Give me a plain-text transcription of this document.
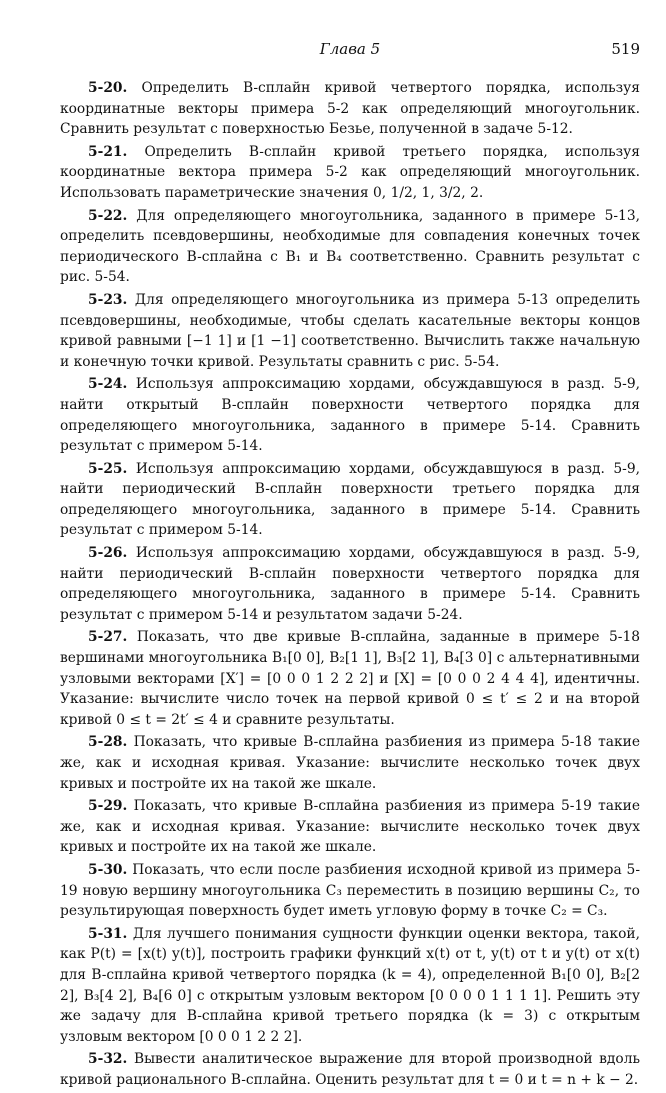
Глава 5	519

5-20. Определить B-сплайн кривой четвертого порядка, используя координатные векторы примера 5-2 как определяющий многоугольник. Сравнить результат с поверхностью Безье, полученной в задаче 5-12.

5-21. Определить B-сплайн кривой третьего порядка, используя координатные вектора примера 5-2 как определяющий многоугольник. Использовать параметрические значения 0, 1/2, 1, 3/2, 2.

5-22. Для определяющего многоугольника, заданного в примере 5-13, определить псевдовершины, необходимые для совпадения конечных точек периодического B-сплайна с B₁ и B₄ соответственно. Сравнить результат с рис. 5-54.

5-23. Для определяющего многоугольника из примера 5-13 определить псевдовершины, необходимые, чтобы сделать касательные векторы концов кривой равными [−1 1] и [1 −1] соответственно. Вычислить также начальную и конечную точки кривой. Результаты сравнить с рис. 5-54.

5-24. Используя аппроксимацию хордами, обсуждавшуюся в разд. 5-9, найти открытый B-сплайн поверхности четвертого порядка для определяющего многоугольника, заданного в примере 5-14. Сравнить результат с примером 5-14.

5-25. Используя аппроксимацию хордами, обсуждавшуюся в разд. 5-9, найти периодический B-сплайн поверхности третьего порядка для определяющего многоугольника, заданного в примере 5-14. Сравнить результат с примером 5-14.

5-26. Используя аппроксимацию хордами, обсуждавшуюся в разд. 5-9, найти периодический B-сплайн поверхности четвертого порядка для определяющего многоугольника, заданного в примере 5-14. Сравнить результат с примером 5-14 и результатом задачи 5-24.

5-27. Показать, что две кривые B-сплайна, заданные в примере 5-18 вершинами многоугольника B₁[0 0], B₂[1 1], B₃[2 1], B₄[3 0] с альтернативными узловыми векторами [X′] = [0 0 0 1 2 2 2] и [X] = [0 0 0 2 4 4 4], идентичны. Указание: вычислите число точек на первой кривой 0 ≤ t′ ≤ 2 и на второй кривой 0 ≤ t = 2t′ ≤ 4 и сравните результаты.

5-28. Показать, что кривые B-сплайна разбиения из примера 5-18 такие же, как и исходная кривая. Указание: вычислите несколько точек двух кривых и постройте их на такой же шкале.

5-29. Показать, что кривые B-сплайна разбиения из примера 5-19 такие же, как и исходная кривая. Указание: вычислите несколько точек двух кривых и постройте их на такой же шкале.

5-30. Показать, что если после разбиения исходной кривой из примера 5-19 новую вершину многоугольника C₃ переместить в позицию вершины C₂, то результирующая поверхность будет иметь угловую форму в точке C₂ = C₃.

5-31. Для лучшего понимания сущности функции оценки вектора, такой, как P(t) = [x(t) y(t)], построить графики функций x(t) от t, y(t) от t и y(t) от x(t) для B-сплайна кривой четвертого порядка (k = 4), определенной B₁[0 0], B₂[2 2], B₃[4 2], B₄[6 0] с открытым узловым вектором [0 0 0 0 1 1 1 1]. Решить эту же задачу для B-сплайна кривой третьего порядка (k = 3) с открытым узловым вектором [0 0 0 1 2 2 2].

5-32. Вывести аналитическое выражение для второй производной вдоль кривой рационального B-сплайна. Оценить результат для t = 0 и t = n + k − 2.
